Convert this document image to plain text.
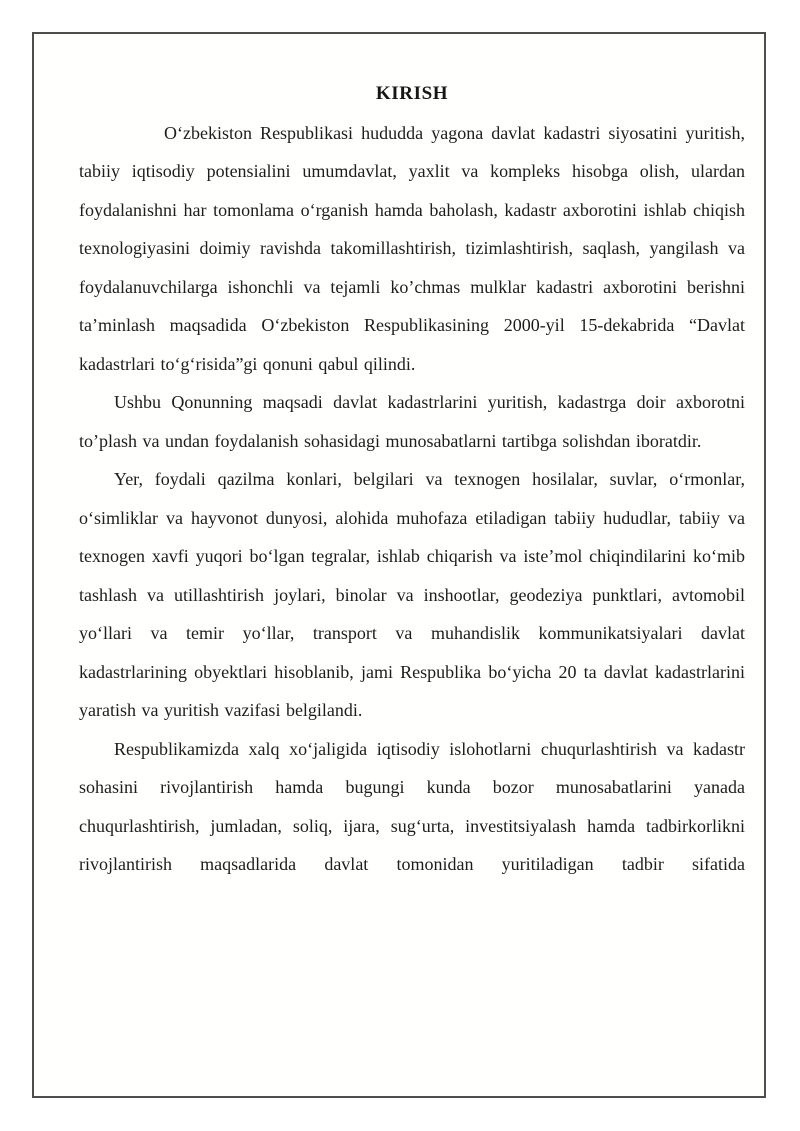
KIRISH

O‘zbekiston Respublikasi hududda yagona davlat kadastri siyosatini yuritish, tabiiy iqtisodiy potensialini umumdavlat, yaxlit va kompleks hisobga olish, ulardan foydalanishni har tomonlama o‘rganish hamda baholash, kadastr axborotini ishlab chiqish texnologiyasini doimiy ravishda takomillashtirish, tizimlashtirish, saqlash, yangilash va foydalanuvchilarga ishonchli va tejamli ko’chmas mulklar kadastri axborotini berishni ta’minlash maqsadida O‘zbekiston Respublikasining 2000-yil 15-dekabrida “Davlat kadastrlari to‘g‘risida”gi qonuni qabul qilindi.

Ushbu Qonunning maqsadi davlat kadastrlarini yuritish, kadastrga doir axborotni to’plash va undan foydalanish sohasidagi munosabatlarni tartibga solishdan iboratdir.

Yer, foydali qazilma konlari, belgilari va texnogen hosilalar, suvlar, o‘rmonlar, o‘simliklar va hayvonot dunyosi, alohida muhofaza etiladigan tabiiy hududlar, tabiiy va texnogen xavfi yuqori bo‘lgan tegralar, ishlab chiqarish va iste’mol chiqindilarini ko‘mib tashlash va utillashtirish joylari, binolar va inshootlar, geodeziya punktlari, avtomobil yo‘llari va temir yo‘llar, transport va muhandislik kommunikatsiyalari davlat kadastrlarining obyektlari hisoblanib, jami Respublika bo‘yicha 20 ta davlat kadastrlarini yaratish va yuritish vazifasi belgilandi.

Respublikamizda xalq xo‘jaligida iqtisodiy islohotlarni chuqurlashtirish va kadastr sohasini rivojlantirish hamda bugungi kunda bozor munosabatlarini yanada chuqurlashtirish, jumladan, soliq, ijara, sug‘urta, investitsiyalash hamda tadbirkorlikni rivojlantirish maqsadlarida davlat tomonidan yuritiladigan tadbir sifatida
